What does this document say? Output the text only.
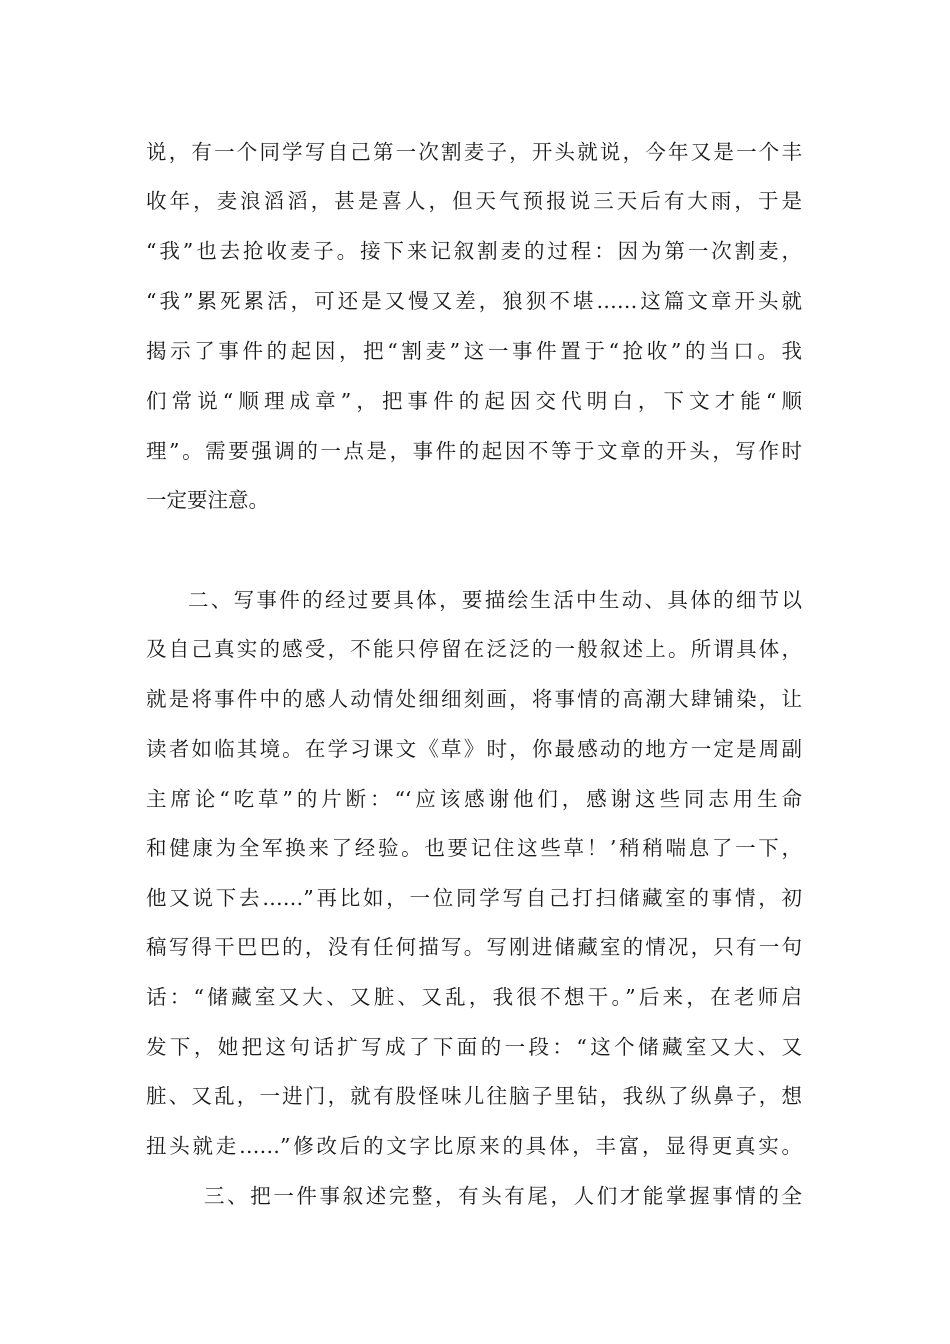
说，有一个同学写自己第一次割麦子，开头就说，今年又是一个丰

收年，麦浪滔滔，甚是喜人，但天气预报说三天后有大雨，于是

“我”也去抢收麦子。接下来记叙割麦的过程：因为第一次割麦，

“我”累死累活，可还是又慢又差，狼狈不堪……这篇文章开头就

揭示了事件的起因，把“割麦”这一事件置于“抢收”的当口。我

们常说“顺理成章”，把事件的起因交代明白，下文才能“顺

理”。需要强调的一点是，事件的起因不等于文章的开头，写作时

一定要注意。

二、写事件的经过要具体，要描绘生活中生动、具体的细节以

及自己真实的感受，不能只停留在泛泛的一般叙述上。所谓具体，

就是将事件中的感人动情处细细刻画，将事情的高潮大肆铺染，让

读者如临其境。在学习课文《草》时，你最感动的地方一定是周副

主席论“吃草”的片断：“‘应该感谢他们，感谢这些同志用生命

和健康为全军换来了经验。也要记住这些草！’稍稍喘息了一下，

他又说下去……”再比如，一位同学写自己打扫储藏室的事情，初

稿写得干巴巴的，没有任何描写。写刚进储藏室的情况，只有一句

话：“储藏室又大、又脏、又乱，我很不想干。”后来，在老师启

发下，她把这句话扩写成了下面的一段：“这个储藏室又大、又

脏、又乱，一进门，就有股怪味儿往脑子里钻，我纵了纵鼻子，想

扭头就走……”修改后的文字比原来的具体，丰富，显得更真实。

三、把一件事叙述完整，有头有尾，人们才能掌握事情的全
